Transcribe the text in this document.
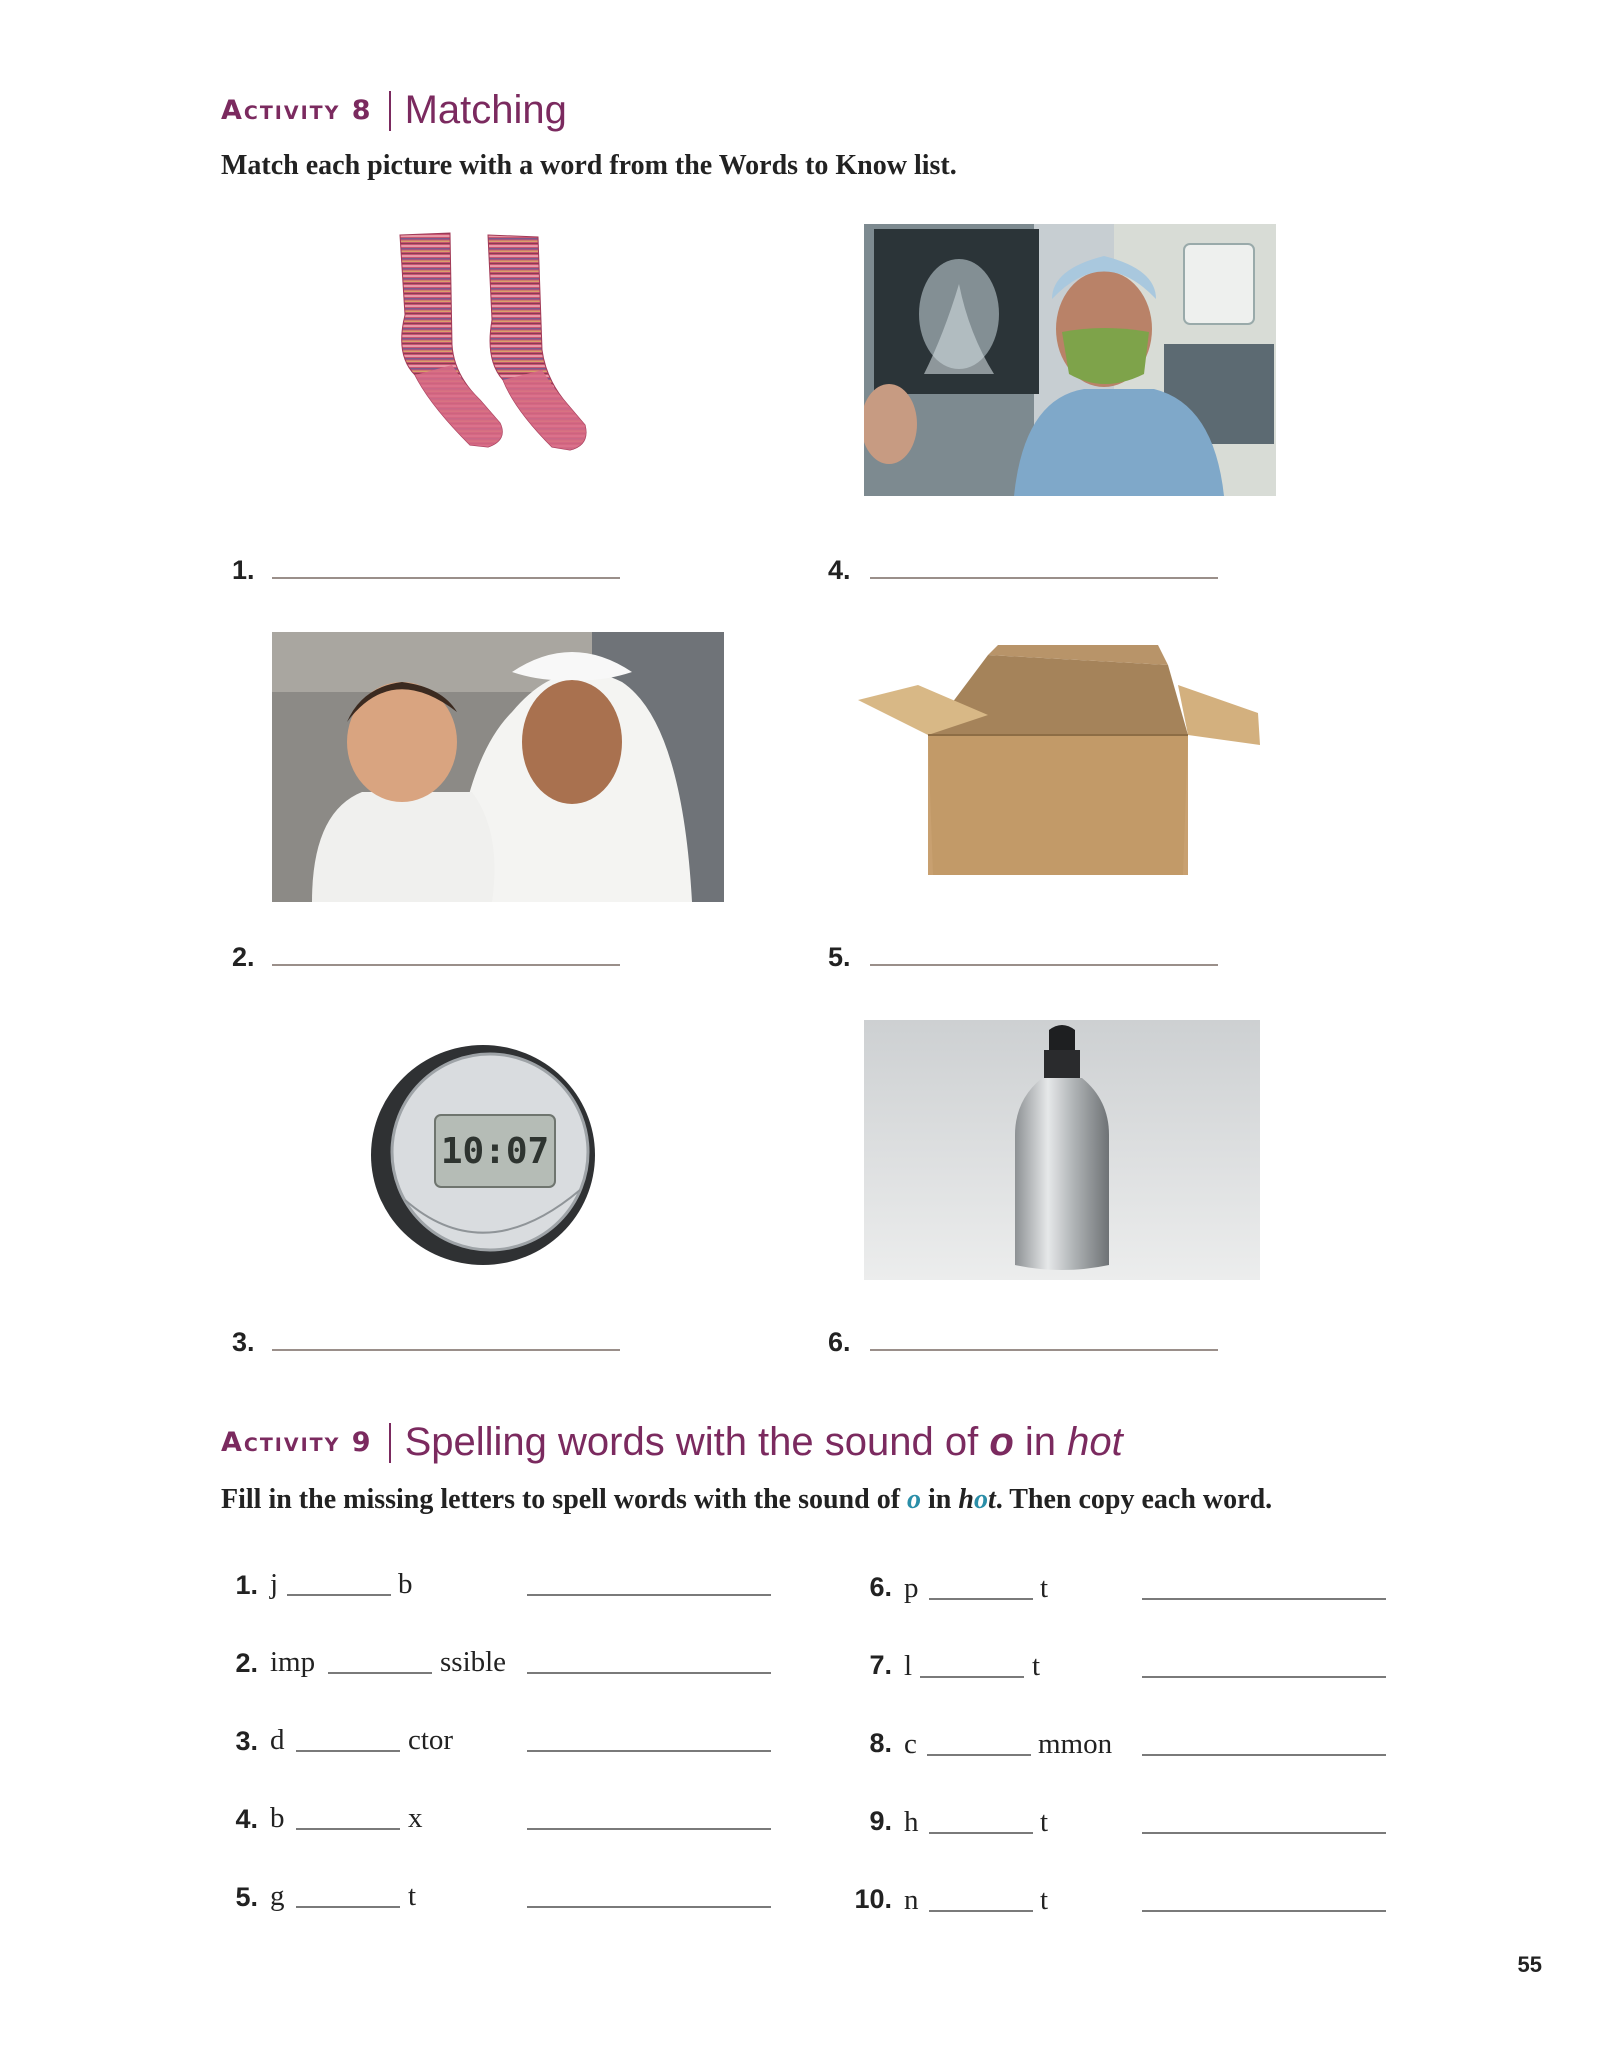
Activity 8 Matching
Match each picture with a word from the Words to Know list.
1.	4.
2.	5.
10:07
3.	6.
Activity 9 Spelling words with the sound of o in hot
Fill in the missing letters to spell words with the sound of o in hot. Then copy each word.
1. j	b
2. imp	ssible
3. d	ctor
4. b	x
5. g	t
6. p	t
7. l	t
8. c	mmon
9. h	t
10. n	t
55
